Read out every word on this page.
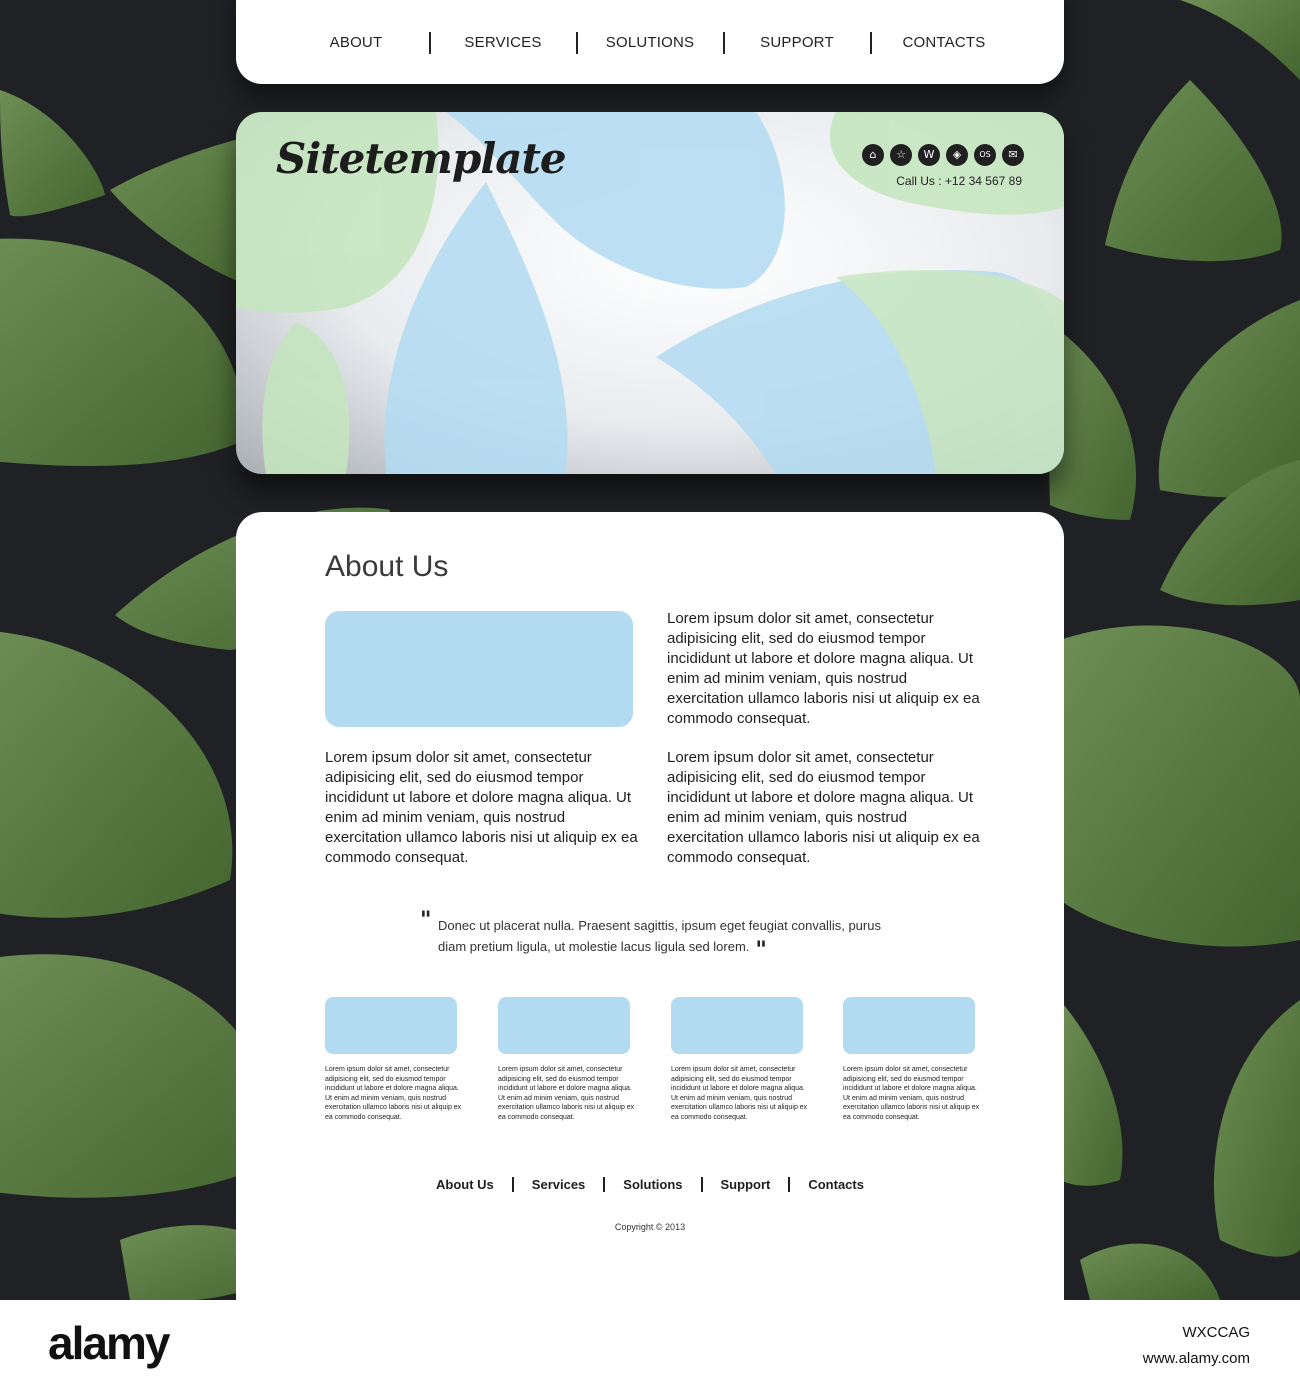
ABOUT	SERVICES	SOLUTIONS	SUPPORT	CONTACTS
Sitetemplate	⌂	☆	W	◈	OS	✉
Call Us : +12 34 567 89
About Us

Lorem ipsum dolor sit amet, consectetur adipisicing elit, sed do eiusmod tempor incididunt ut labore et dolore magna aliqua. Ut enim ad minim veniam, quis nostrud exercitation ullamco laboris nisi ut aliquip ex ea commodo consequat.

Lorem ipsum dolor sit amet, consectetur adipisicing elit, sed do eiusmod tempor incididunt ut labore et dolore magna aliqua. Ut enim ad minim veniam, quis nostrud exercitation ullamco laboris nisi ut aliquip ex ea commodo consequat.

Lorem ipsum dolor sit amet, consectetur adipisicing elit, sed do eiusmod tempor incididunt ut labore et dolore magna aliqua. Ut enim ad minim veniam, quis nostrud exercitation ullamco laboris nisi ut aliquip ex ea commodo consequat.

" Donec ut placerat nulla. Praesent sagittis, ipsum eget feugiat convallis, purus diam pretium ligula, ut molestie lacus ligula sed lorem. "

Lorem ipsum dolor sit amet, consectetur adipisicing elit, sed do eiusmod tempor incididunt ut labore et dolore magna aliqua. Ut enim ad minim veniam, quis nostrud exercitation ullamco laboris nisi ut aliquip ex ea commodo consequat.

Lorem ipsum dolor sit amet, consectetur adipisicing elit, sed do eiusmod tempor incididunt ut labore et dolore magna aliqua. Ut enim ad minim veniam, quis nostrud exercitation ullamco laboris nisi ut aliquip ex ea commodo consequat.

Lorem ipsum dolor sit amet, consectetur adipisicing elit, sed do eiusmod tempor incididunt ut labore et dolore magna aliqua. Ut enim ad minim veniam, quis nostrud exercitation ullamco laboris nisi ut aliquip ex ea commodo consequat.

Lorem ipsum dolor sit amet, consectetur adipisicing elit, sed do eiusmod tempor incididunt ut labore et dolore magna aliqua. Ut enim ad minim veniam, quis nostrud exercitation ullamco laboris nisi ut aliquip ex ea commodo consequat.

About Us	Services	Solutions	Support	Contacts
Copyright © 2013
alamy	WXCCAG
www.alamy.com
